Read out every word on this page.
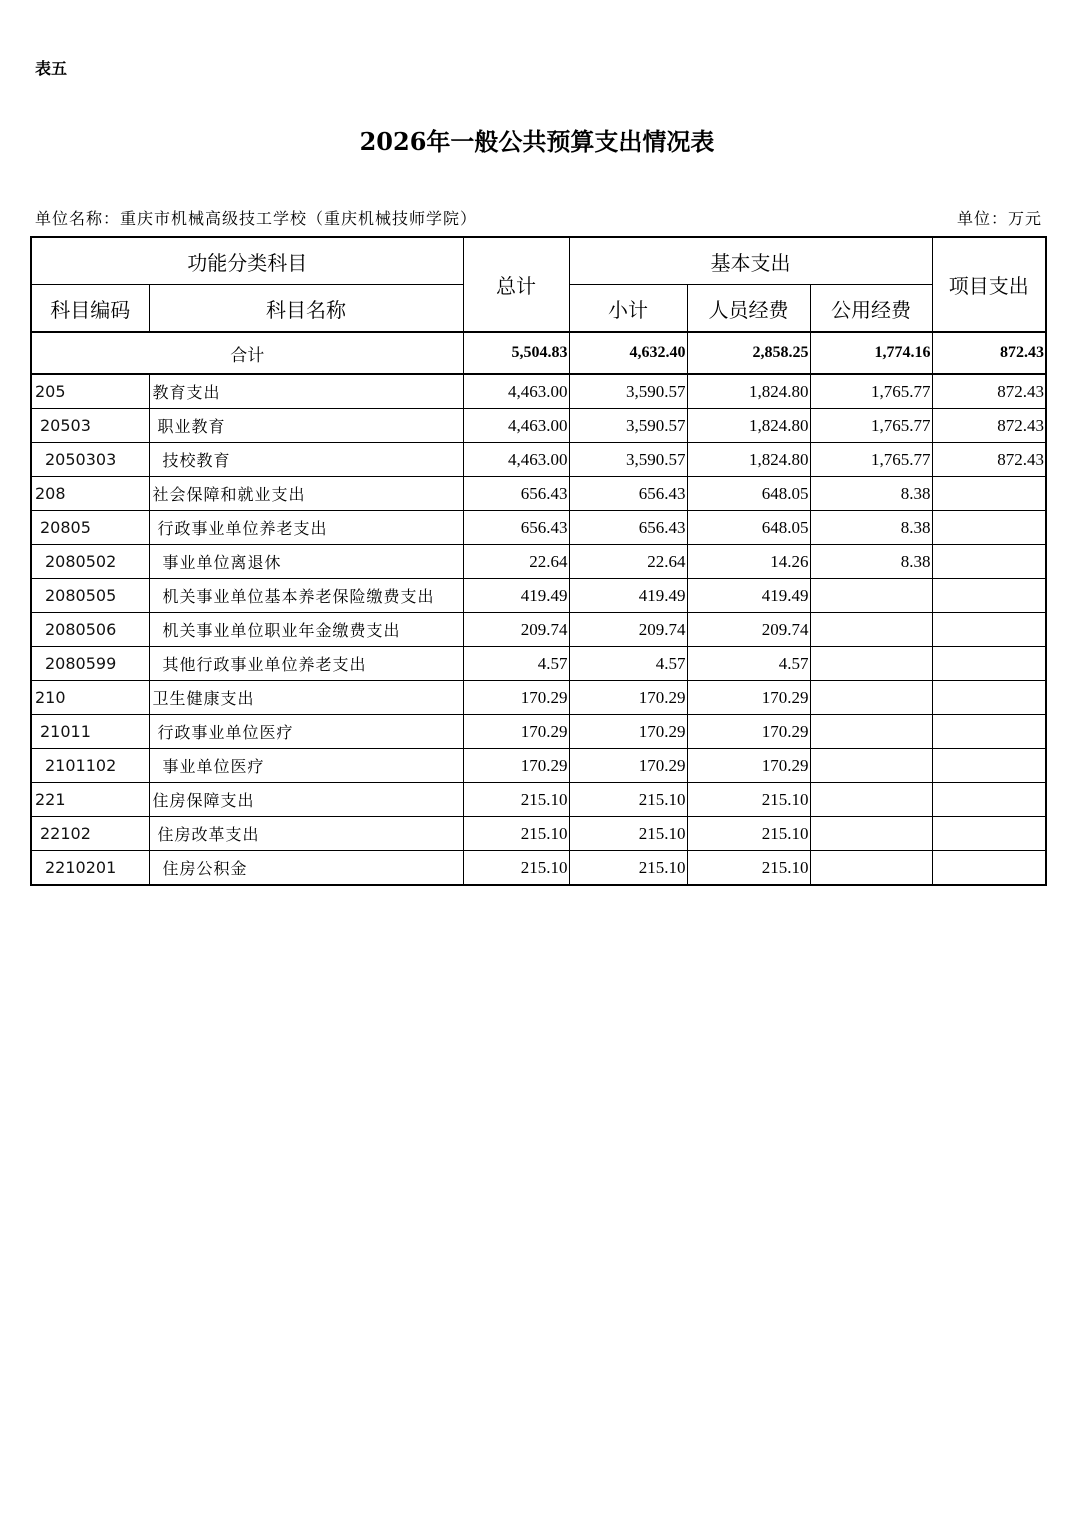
表五
2026年一般公共预算支出情况表
单位名称：重庆市机械高级技工学校（重庆机械技师学院）	单位：万元
功能分类科目		总计	基本支出			项目支出
科目编码	科目名称		小计	人员经费	公用经费	
合计		5,504.83	4,632.40	2,858.25	1,774.16	872.43
205	教育支出	4,463.00	3,590.57	1,824.80	1,765.77	872.43
20503	职业教育	4,463.00	3,590.57	1,824.80	1,765.77	872.43
2050303	技校教育	4,463.00	3,590.57	1,824.80	1,765.77	872.43
208	社会保障和就业支出	656.43	656.43	648.05	8.38	
20805	行政事业单位养老支出	656.43	656.43	648.05	8.38	
2080502	事业单位离退休	22.64	22.64	14.26	8.38	
2080505	机关事业单位基本养老保险缴费支出	419.49	419.49	419.49		
2080506	机关事业单位职业年金缴费支出	209.74	209.74	209.74		
2080599	其他行政事业单位养老支出	4.57	4.57	4.57		
210	卫生健康支出	170.29	170.29	170.29		
21011	行政事业单位医疗	170.29	170.29	170.29		
2101102	事业单位医疗	170.29	170.29	170.29		
221	住房保障支出	215.10	215.10	215.10		
22102	住房改革支出	215.10	215.10	215.10		
2210201	住房公积金	215.10	215.10	215.10		
